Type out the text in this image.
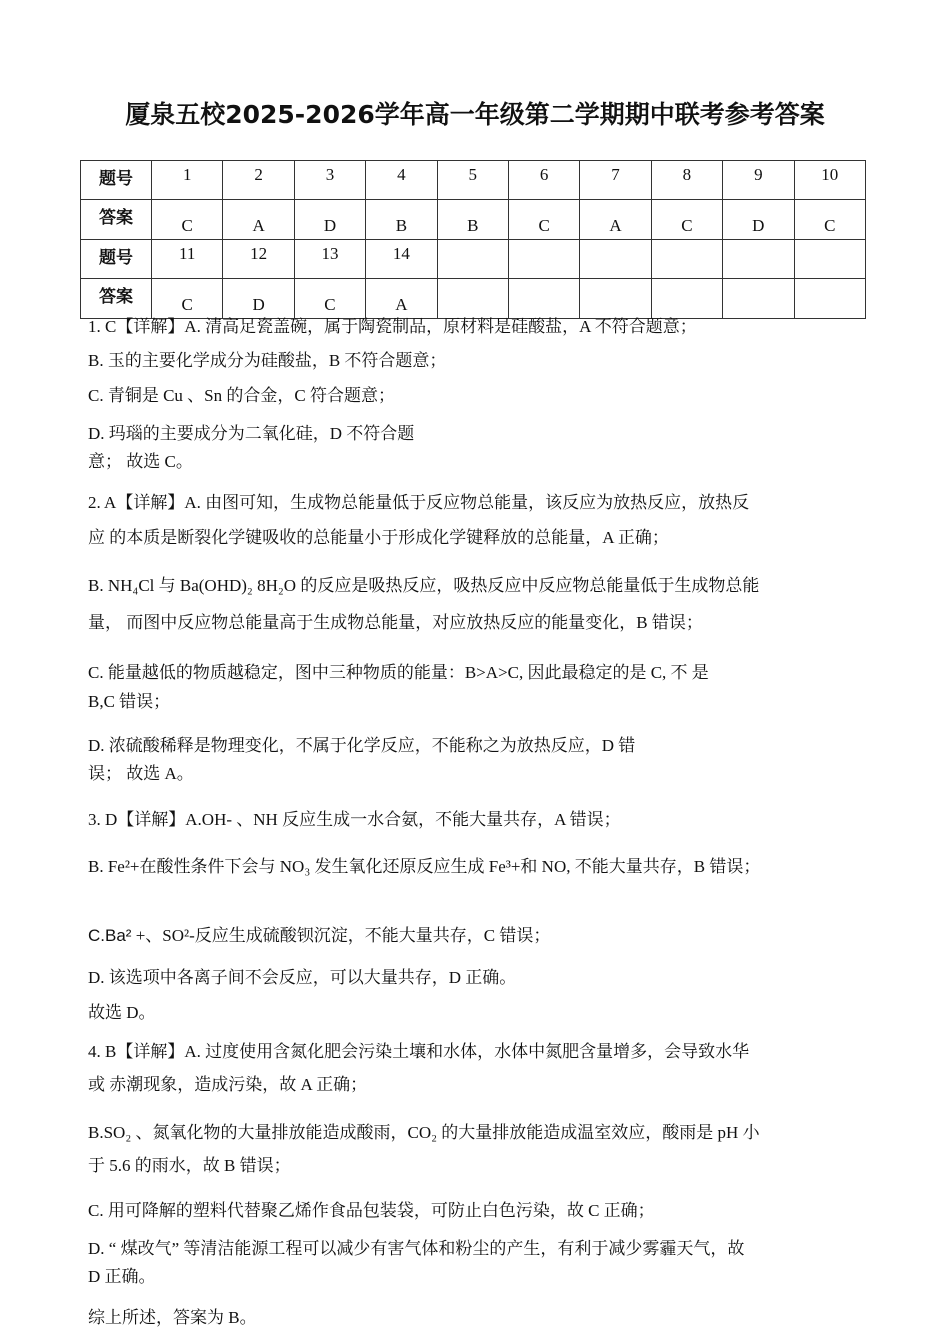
厦泉五校2025-2026学年高一年级第二学期期中联考参考答案
题号	1	2	3	4	5	6	7	8	9	10
答案	C	A	D	B	B	C	A	C	D	C
题号	11	12	13	14						
答案	C	D	C	A						
1. C【详解】A. 清高足瓷盖碗，属于陶瓷制品，原材料是硅酸盐，A 不符合题意；
B. 玉的主要化学成分为硅酸盐，B 不符合题意；
C. 青铜是 Cu 、Sn 的合金，C 符合题意；
D. 玛瑙的主要成分为二氧化硅，D 不符合题
意； 故选 C。
2. A【详解】A. 由图可知，生成物总能量低于反应物总能量，该反应为放热反应，放热反
应 的本质是断裂化学键吸收的总能量小于形成化学键释放的总能量，A 正确；
B. NH₄Cl 与 Ba(OHD)₂ 8H₂O 的反应是吸热反应，吸热反应中反应物总能量低于生成物总能
量， 而图中反应物总能量高于生成物总能量，对应放热反应的能量变化，B 错误；
C. 能量越低的物质越稳定，图中三种物质的能量：B>A>C, 因此最稳定的是 C, 不 是
B,C 错误；
D. 浓硫酸稀释是物理变化，不属于化学反应，不能称之为放热反应，D 错
误； 故选 A。
3. D【详解】A.OH- 、NH 反应生成一水合氨，不能大量共存，A 错误；
B. Fe²+在酸性条件下会与 NO₃ 发生氧化还原反应生成 Fe³+和 NO, 不能大量共存，B 错误；
C.Ba² +、SO²-反应生成硫酸钡沉淀，不能大量共存，C 错误；
D. 该选项中各离子间不会反应，可以大量共存，D 正确。
故选 D。
4. B【详解】A. 过度使用含氮化肥会污染土壤和水体，水体中氮肥含量增多，会导致水华
或 赤潮现象，造成污染，故 A 正确；
B.SO₂ 、氮氧化物的大量排放能造成酸雨，CO₂ 的大量排放能造成温室效应，酸雨是 pH 小
于 5.6 的雨水，故 B 错误；
C. 用可降解的塑料代替聚乙烯作食品包装袋，可防止白色污染，故 C 正确；
D. “ 煤改气” 等清洁能源工程可以减少有害气体和粉尘的产生，有利于减少雾霾天气，故
D 正确。
综上所述，答案为 B。
